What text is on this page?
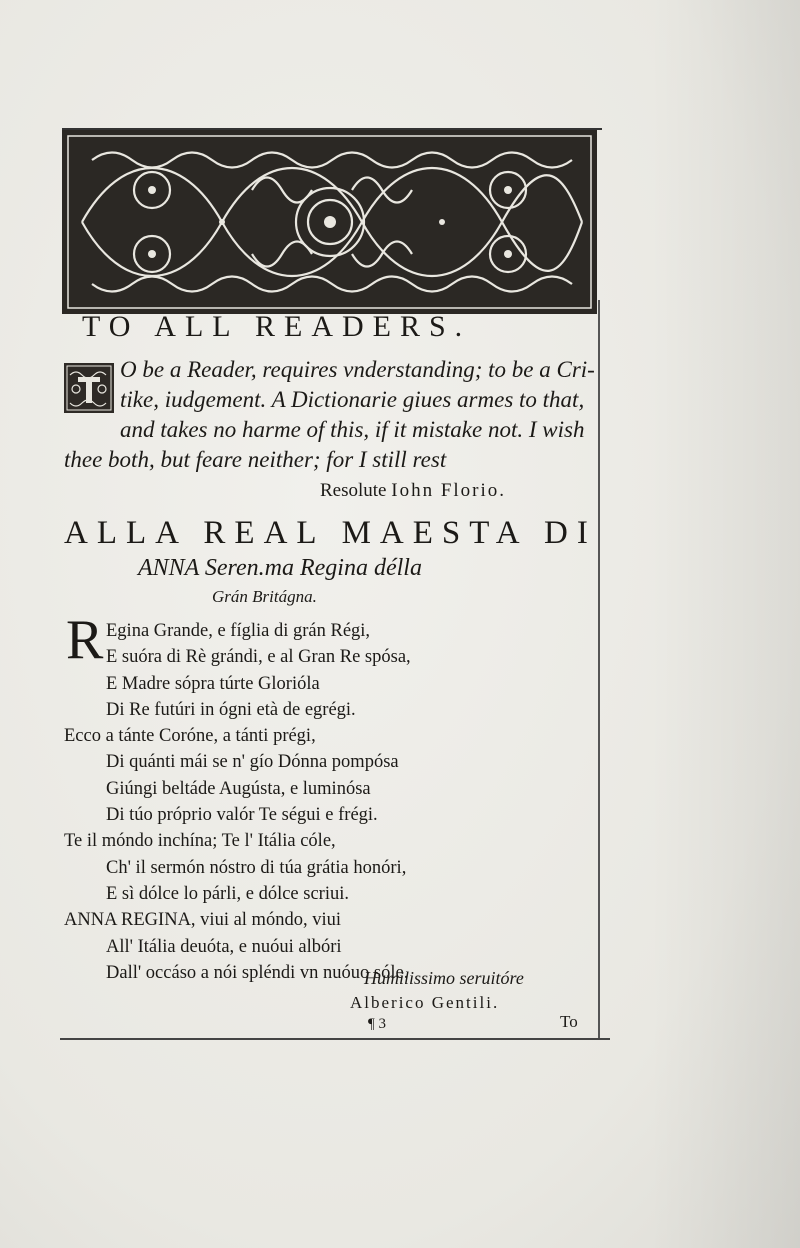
TO ALL READERS.
O be a Reader, requires vnderstanding; to be a Cri-
tike, iudgement. A Dictionarie giues armes to that,
and takes no harme of this, if it mistake not. I wish
thee both, but feare neither; for I still rest
Resolute Iohn Florio.
ALLA REAL MAESTA DI
ANNA Seren.ma Regina délla
Grán Britágna.
R Egina Grande, e fíglia di grán Régi,
E suóra di Rè grándi, e al Gran Re spósa,
E Madre sópra túrte Glorióla
Di Re futúri in ógni età de egrégi.
Ecco a tánte Coróne, a tánti prégi,
Di quánti mái se n' gío Dónna pompósa
Giúngi beltáde Augústa, e luminósa
Di túo próprio valór Te ségui e frégi.
Te il móndo inchína; Te l' Itália cóle,
Ch' il sermón nóstro di túa grátia honóri,
E sì dólce lo párli, e dólce scriui.
ANNA REGINA, viui al móndo, viui
All' Itália deuóta, e nuóui albóri
Dall' occáso a nói spléndi vn nuóuo sóle.
Humilissimo seruitóre
Alberico Gentili.
¶ 3	To
